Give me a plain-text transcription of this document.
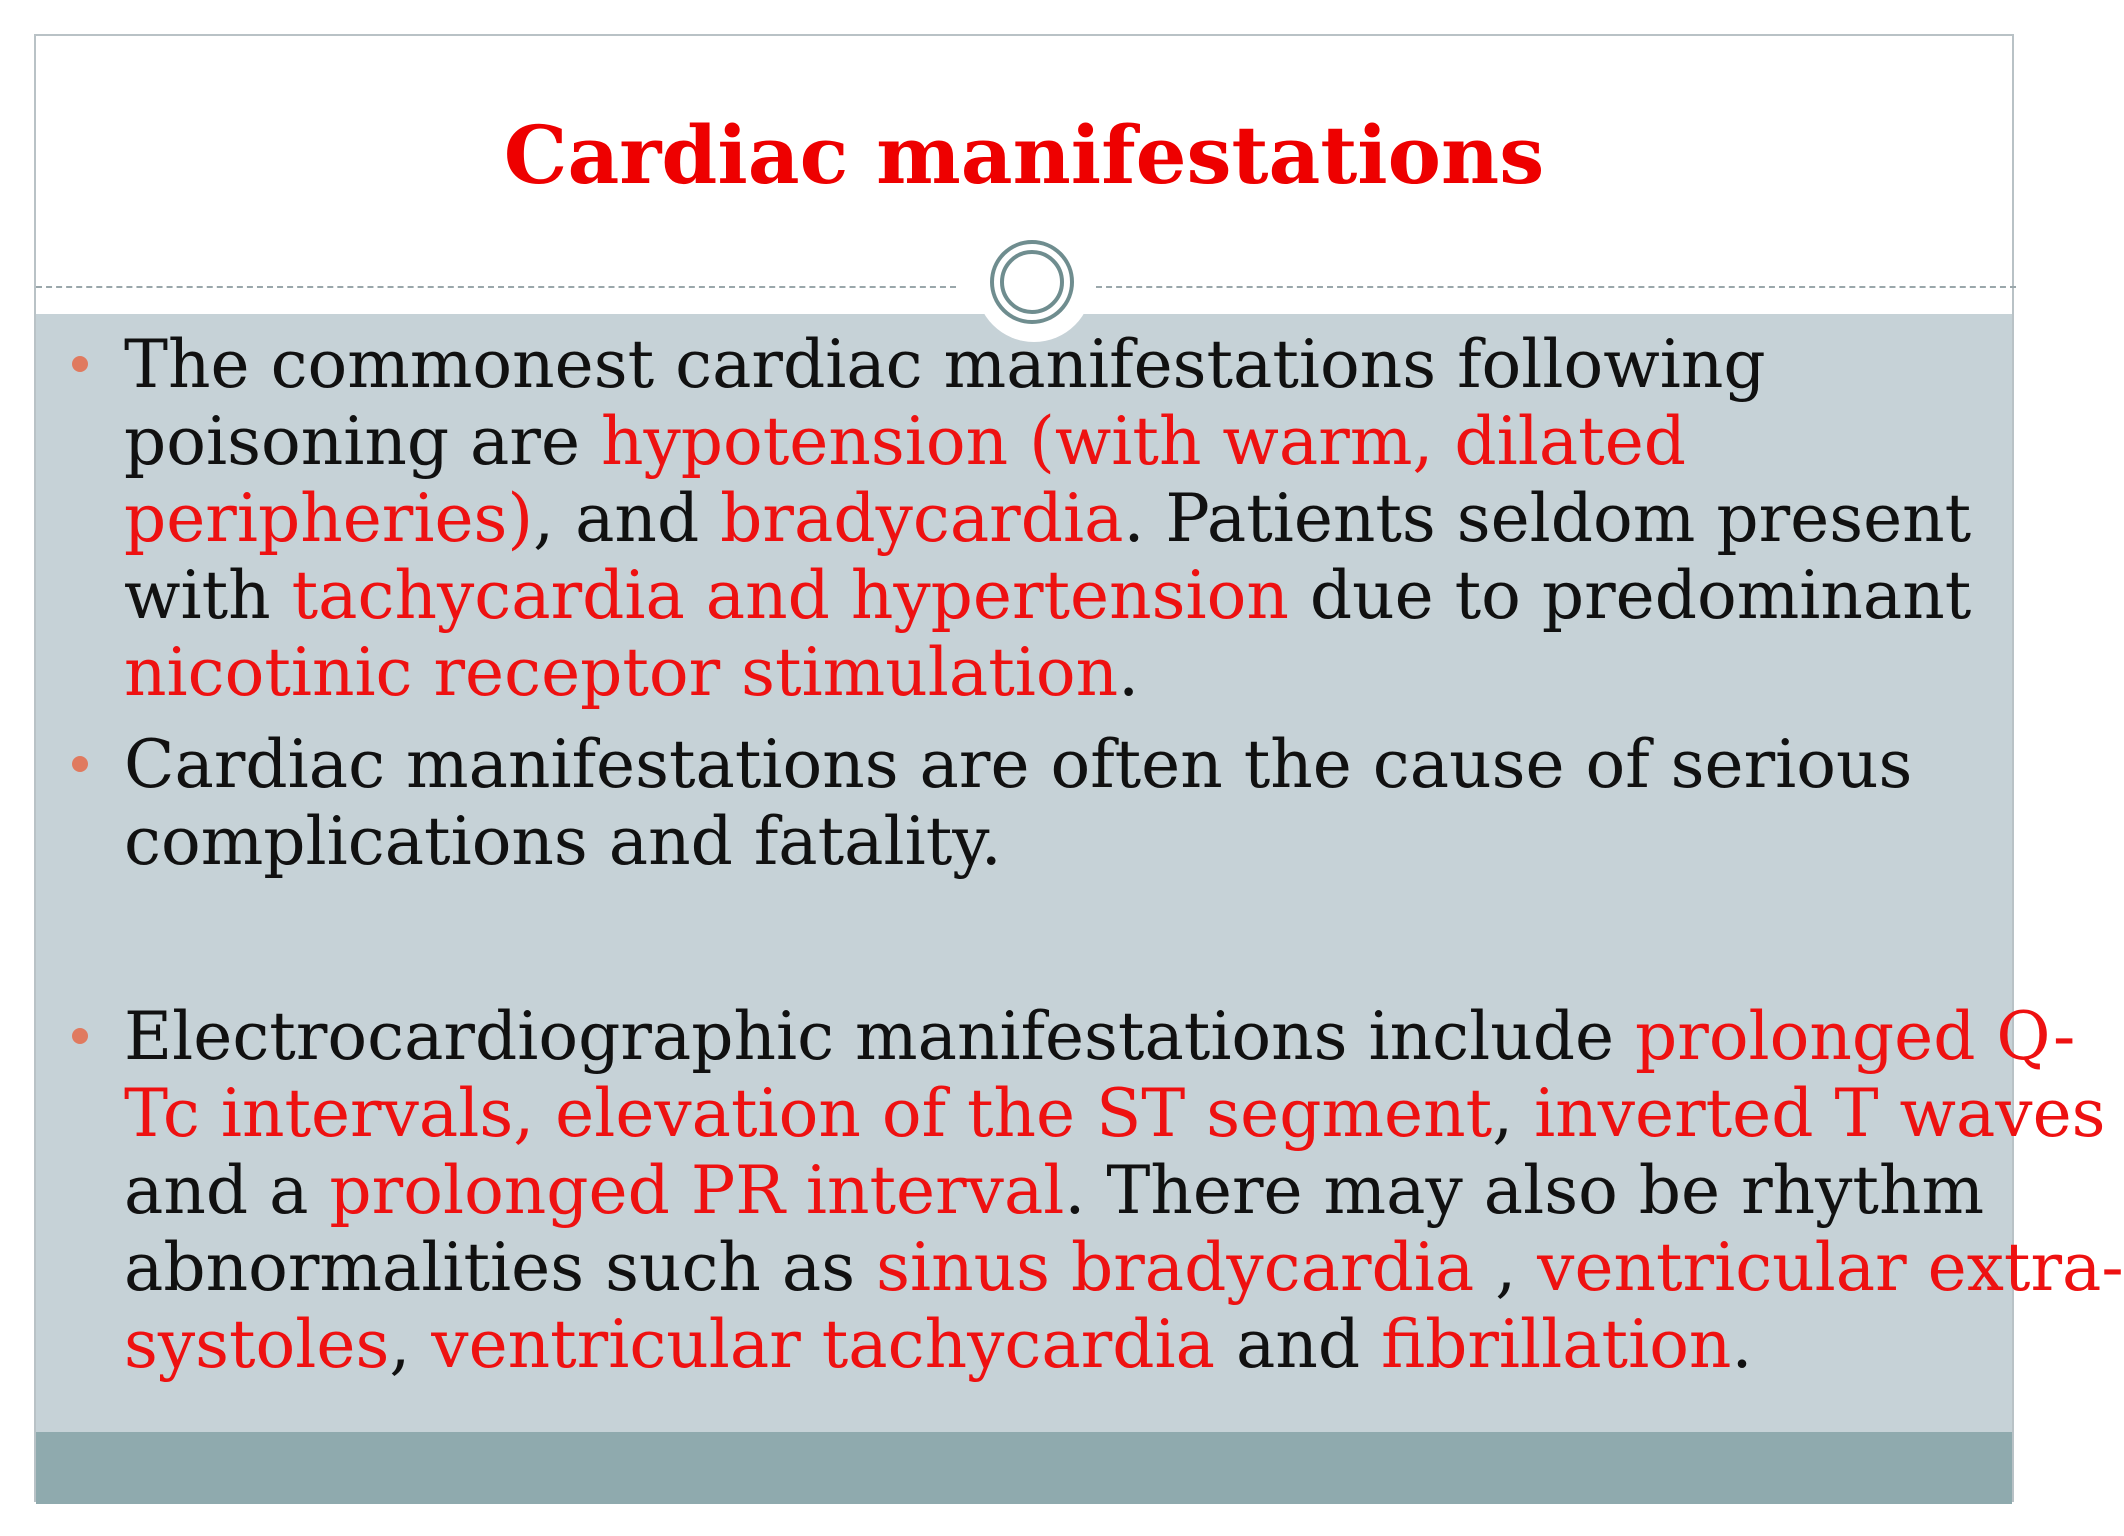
Cardiac manifestations
The commonest cardiac manifestations following
poisoning are hypotension (with warm, dilated
peripheries), and bradycardia. Patients seldom present
with tachycardia and hypertension due to predominant
nicotinic receptor stimulation.
Cardiac manifestations are often the cause of serious
complications and fatality.
Electrocardiographic manifestations include prolonged Q-
Tc intervals, elevation of the ST segment, inverted T waves
and a prolonged PR interval. There may also be rhythm
abnormalities such as sinus bradycardia , ventricular extra-
systoles, ventricular tachycardia and fibrillation.
